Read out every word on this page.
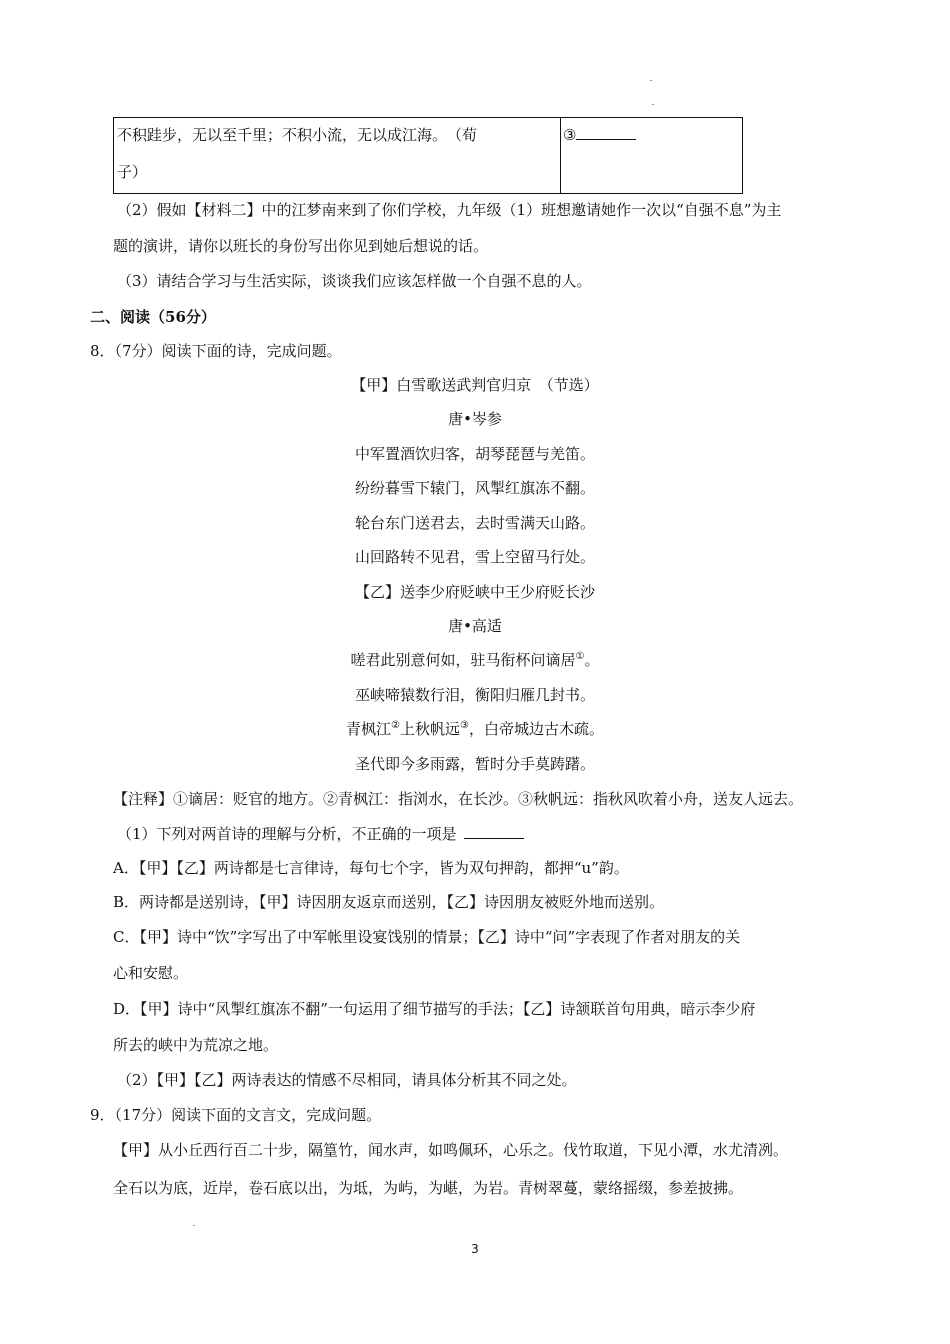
不积跬步，无以至千里；不积小流，无以成江海。　（荀
子）
③
（2）假如【材料二】中的江梦南来到了你们学校，九年级（1）班想邀请她作一次以“自强不息”为主
题的演讲，请你以班长的身份写出你见到她后想说的话。
（3）请结合学习与生活实际，谈谈我们应该怎样做一个自强不息的人。
二、阅读（56分）
8．（7分）阅读下面的诗，完成问题。
【甲】白雪歌送武判官归京　（节选）
唐•岑参
中军置酒饮归客，胡琴琵琶与羌笛。
纷纷暮雪下辕门，风掣红旗冻不翻。
轮台东门送君去，去时雪满天山路。
山回路转不见君，雪上空留马行处。
【乙】送李少府贬峡中王少府贬长沙
唐•高适
嗟君此别意何如，驻马衔杯问谪居①。
巫峡啼猿数行泪，衡阳归雁几封书。
青枫江②上秋帆远③，白帝城边古木疏。
圣代即今多雨露，暂时分手莫踌躇。
【注释】①谪居：贬官的地方。②青枫江：指浏水，在长沙。③秋帆远：指秋风吹着小舟，送友人远去。
（1）下列对两首诗的理解与分析，不正确的一项是 
A．【甲】【乙】两诗都是七言律诗，每句七个字，皆为双句押韵，都押“u”韵。
B．两诗都是送别诗，【甲】诗因朋友返京而送别，【乙】诗因朋友被贬外地而送别。
C．【甲】诗中“饮”字写出了中军帐里设宴饯别的情景；【乙】诗中“问”字表现了作者对朋友的关
心和安慰。
D．【甲】诗中“风掣红旗冻不翻”一句运用了细节描写的手法；【乙】诗颔联首句用典，暗示李少府
所去的峡中为荒凉之地。
（2）【甲】【乙】两诗表达的情感不尽相同，请具体分析其不同之处。
9．（17分）阅读下面的文言文，完成问题。
【甲】从小丘西行百二十步，隔篁竹，闻水声，如鸣佩环，心乐之。伐竹取道，下见小潭，水尤清冽。
全石以为底，近岸，卷石底以出，为坻，为屿，为嵁，为岩。青树翠蔓，蒙络摇缀，参差披拂。
3
